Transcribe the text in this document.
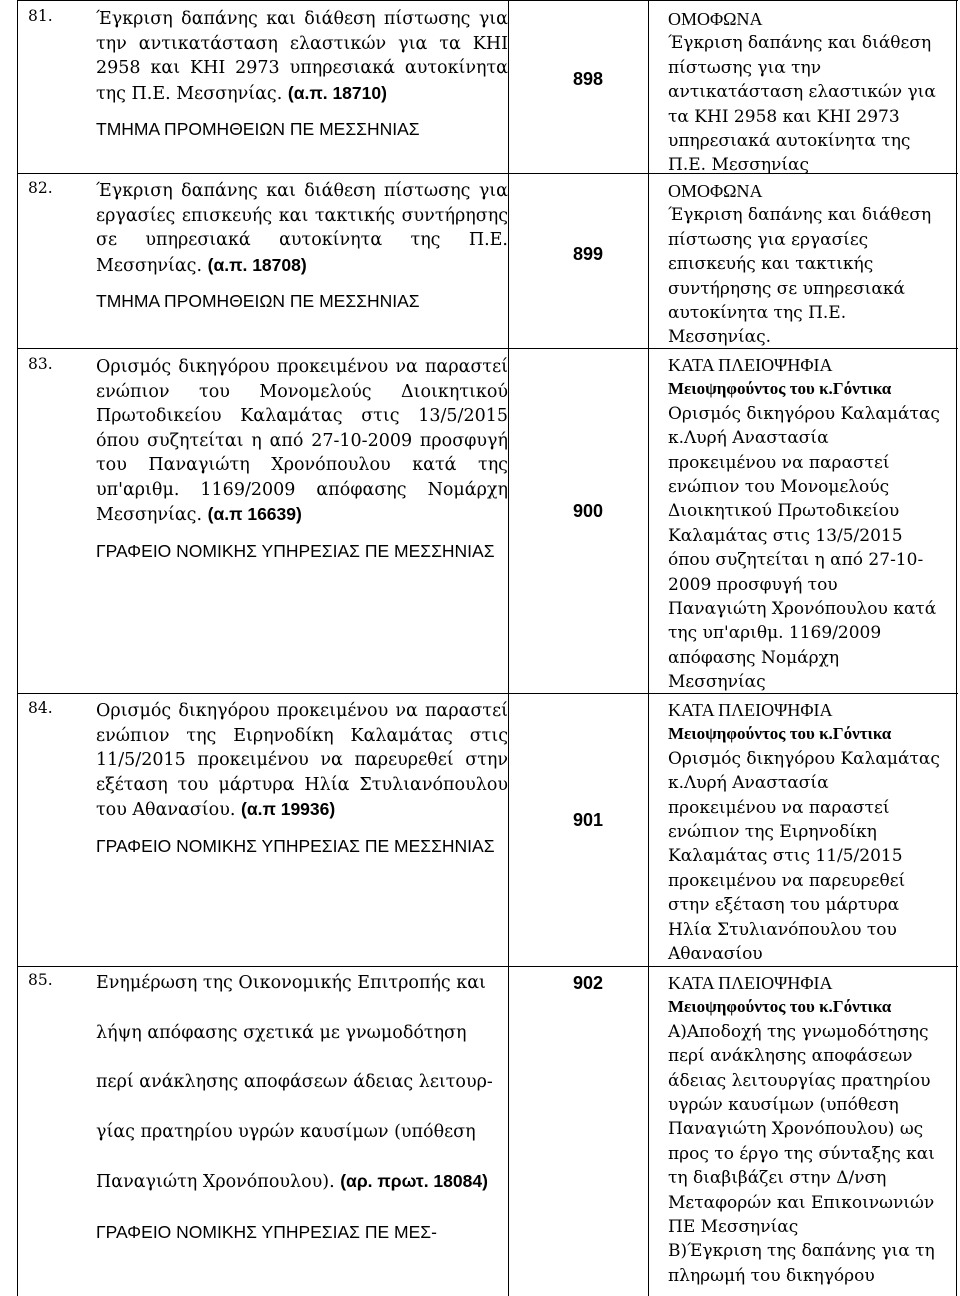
81. Έγκριση δαπάνης και διάθεση πίστωσης για την αντικατάσταση ελαστικών για τα ΚΗΙ 2958 και ΚΗΙ 2973 υπηρεσιακά αυτοκίνητα της Π.Ε. Μεσσηνίας. (α.π. 18710)

ΤΜΗΜΑ ΠΡΟΜΗΘΕΙΩΝ ΠΕ ΜΕΣΣΗΝΙΑΣ

898
ΟΜΟΦΩΝΑ
Έγκριση δαπάνης και διάθεση
πίστωσης για την
αντικατάσταση ελαστικών για
τα ΚΗΙ 2958 και ΚΗΙ 2973
υπηρεσιακά αυτοκίνητα της
Π.Ε. Μεσσηνίας
82. Έγκριση δαπάνης και διάθεση πίστωσης για εργασίες επισκευής και τακτικής συντήρησης σε υπηρεσιακά αυτοκίνητα της Π.Ε. Μεσσηνίας. (α.π. 18708)

ΤΜΗΜΑ ΠΡΟΜΗΘΕΙΩΝ ΠΕ ΜΕΣΣΗΝΙΑΣ

899
ΟΜΟΦΩΝΑ
Έγκριση δαπάνης και διάθεση
πίστωσης για εργασίες
επισκευής και τακτικής
συντήρησης σε υπηρεσιακά
αυτοκίνητα της Π.Ε.
Μεσσηνίας.
83. Ορισμός δικηγόρου προκειμένου να παραστεί ενώπιον του Μονομελούς Διοικητικού Πρωτοδικείου Καλαμάτας στις 13/5/2015 όπου συζητείται η από 27-10-2009 προσφυγή του Παναγιώτη Χρονόπουλου κατά της υπ'αριθμ. 1169/2009 απόφασης Νομάρχη Μεσσηνίας. (α.π 16639)

ΓΡΑΦΕΙΟ ΝΟΜΙΚΗΣ ΥΠΗΡΕΣΙΑΣ ΠΕ ΜΕΣΣΗΝΙΑΣ

900
ΚΑΤΑ ΠΛΕΙΟΨΗΦΙΑ
Μειοψηφούντος του κ.Γόντικα
Ορισμός δικηγόρου Καλαμάτας
κ.Λυρή Αναστασία
προκειμένου να παραστεί
ενώπιον του Μονομελούς
Διοικητικού Πρωτοδικείου
Καλαμάτας στις 13/5/2015
όπου συζητείται η από 27-10-
2009 προσφυγή του
Παναγιώτη Χρονόπουλου κατά
της υπ'αριθμ. 1169/2009
απόφασης Νομάρχη
Μεσσηνίας
84. Ορισμός δικηγόρου προκειμένου να παραστεί ενώπιον της Ειρηνοδίκη Καλαμάτας στις 11/5/2015 προκειμένου να παρευρεθεί στην εξέταση του μάρτυρα Ηλία Στυλιανόπουλου του Αθανασίου. (α.π 19936)

ΓΡΑΦΕΙΟ ΝΟΜΙΚΗΣ ΥΠΗΡΕΣΙΑΣ ΠΕ ΜΕΣΣΗΝΙΑΣ

901
ΚΑΤΑ ΠΛΕΙΟΨΗΦΙΑ
Μειοψηφούντος του κ.Γόντικα
Ορισμός δικηγόρου Καλαμάτας
κ.Λυρή Αναστασία
προκειμένου να παραστεί
ενώπιον της Ειρηνοδίκη
Καλαμάτας στις 11/5/2015
προκειμένου να παρευρεθεί
στην εξέταση του μάρτυρα
Ηλία Στυλιανόπουλου του
Αθανασίου
85. Ενημέρωση της Οικονομικής Επιτροπής και
λήψη απόφασης σχετικά με γνωμοδότηση
περί ανάκλησης αποφάσεων άδειας λειτουρ-
γίας πρατηρίου υγρών καυσίμων (υπόθεση
Παναγιώτη Χρονόπουλου). (αρ. πρωτ. 18084)
ΓΡΑΦΕΙΟ ΝΟΜΙΚΗΣ ΥΠΗΡΕΣΙΑΣ ΠΕ ΜΕΣ-
902	ΚΑΤΑ ΠΛΕΙΟΨΗΦΙΑ
Μειοψηφούντος του κ.Γόντικα
Α)Αποδοχή της γνωμοδότησης
περί ανάκλησης αποφάσεων
άδειας λειτουργίας πρατηρίου
υγρών καυσίμων (υπόθεση
Παναγιώτη Χρονόπουλου) ως
προς το έργο της σύνταξης και
τη διαβιβάζει στην Δ/νση
Μεταφορών και Επικοινωνιών
ΠΕ Μεσσηνίας
Β)Έγκριση της δαπάνης για τη
πληρωμή του δικηγόρου
